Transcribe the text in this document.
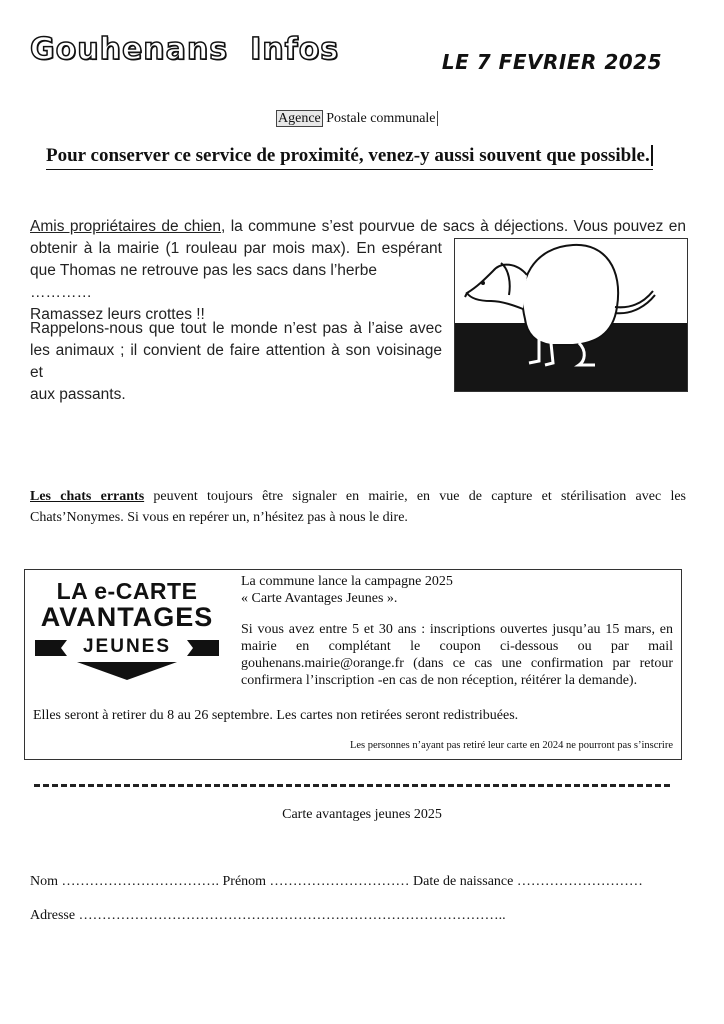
Gouhenans Infos	LE 7 FEVRIER 2025
Agence Postale communale
Pour conserver ce service de proximité, venez-y aussi souvent que possible.
Amis propriétaires de chien, la commune s’est pourvue de sacs à déjections. Vous pouvez en
obtenir à la mairie (1 rouleau par mois max). En espérant
que Thomas ne retrouve pas les sacs dans l’herbe …………
Ramassez leurs crottes !!
Rappelons-nous que tout le monde n’est pas à l’aise avec
les animaux ; il convient de faire attention à son voisinage et
aux passants.
Les chats errants peuvent toujours être signaler en mairie, en vue de capture et stérilisation avec les
Chats’Nonymes. Si vous en repérer un, n’hésitez pas à nous le dire.
LA e-CARTE
AVANTAGES
JEUNES
La commune lance la campagne 2025
« Carte Avantages Jeunes ».
Si vous avez entre 5 et 30 ans : inscriptions ouvertes jusqu’au 15 mars, en
mairie en complétant le coupon ci-dessous ou par mail
gouhenans.mairie@orange.fr (dans ce cas une confirmation par retour
confirmera l’inscription -en cas de non réception, réitérer la demande).
Elles seront à retirer du 8 au 26 septembre. Les cartes non retirées seront redistribuées.
Les personnes n’ayant pas retiré leur carte en 2024 ne pourront pas s’inscrire
Carte avantages jeunes 2025
Nom ……………………………. Prénom ………………………… Date de naissance ………………………
Adresse ………………………………………………………………………………..
